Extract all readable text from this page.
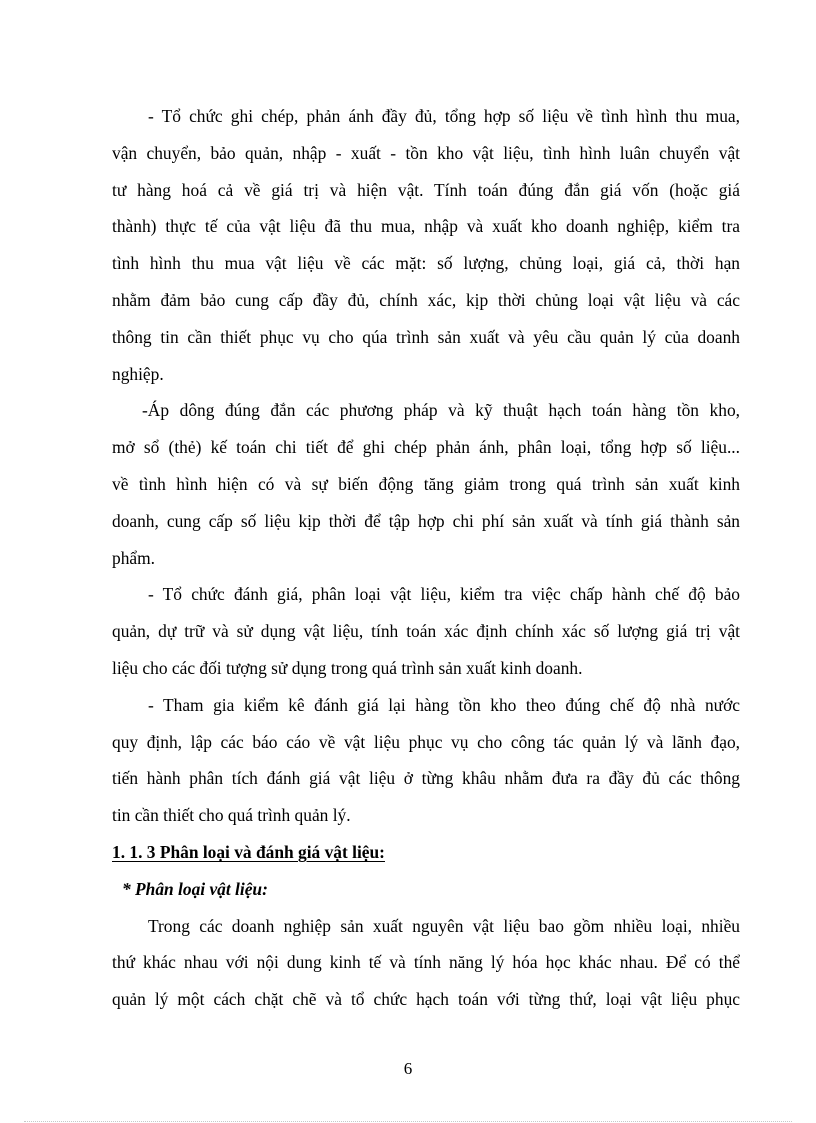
- Tổ chức ghi chép, phản ánh đầy đủ, tổng hợp số liệu về tình hình thu mua,
vận chuyển, bảo quản, nhập - xuất - tồn kho vật liệu, tình hình luân chuyển vật
tư hàng hoá cả về giá trị và hiện vật. Tính toán đúng đắn giá vốn (hoặc giá
thành) thực tế của vật liệu đã thu mua, nhập và xuất kho doanh nghiệp, kiểm tra
tình hình thu mua vật liệu về các mặt: số lượng, chủng loại, giá cả, thời hạn
nhằm đảm bảo cung cấp đầy đủ, chính xác, kịp thời chủng loại vật liệu và các
thông tin cần thiết phục vụ cho qúa trình sản xuất và yêu cầu quản lý của doanh
nghiệp.
-Áp dông đúng đắn các phương pháp và kỹ thuật hạch toán hàng tồn kho,
mở sổ (thẻ) kế toán chi tiết để ghi chép phản ánh, phân loại, tổng hợp số liệu...
về tình hình hiện có và sự biến động tăng giảm trong quá trình sản xuất kinh
doanh, cung cấp số liệu kịp thời để tập hợp chi phí sản xuất và tính giá thành sản
phẩm.
- Tổ chức đánh giá, phân loại vật liệu, kiểm tra việc chấp hành chế độ bảo
quản, dự trữ và sử dụng vật liệu, tính toán xác định chính xác số lượng giá trị vật
liệu cho các đối tượng sử dụng trong quá trình sản xuất kinh doanh.
- Tham gia kiểm kê đánh giá lại hàng tồn kho theo đúng chế độ nhà nước
quy định, lập các báo cáo về vật liệu phục vụ cho công tác quản lý và lãnh đạo,
tiến hành phân tích đánh giá vật liệu ở từng khâu nhằm đưa ra đầy đủ các thông
tin cần thiết cho quá trình quản lý.
1. 1. 3 Phân loại và đánh giá vật liệu:
* Phân loại vật liệu:
Trong các doanh nghiệp sản xuất nguyên vật liệu bao gồm nhiều loại, nhiều
thứ khác nhau với nội dung kinh tế và tính năng lý hóa học khác nhau. Để có thể
quản lý một cách chặt chẽ và tổ chức hạch toán với từng thứ, loại vật liệu phục
6
